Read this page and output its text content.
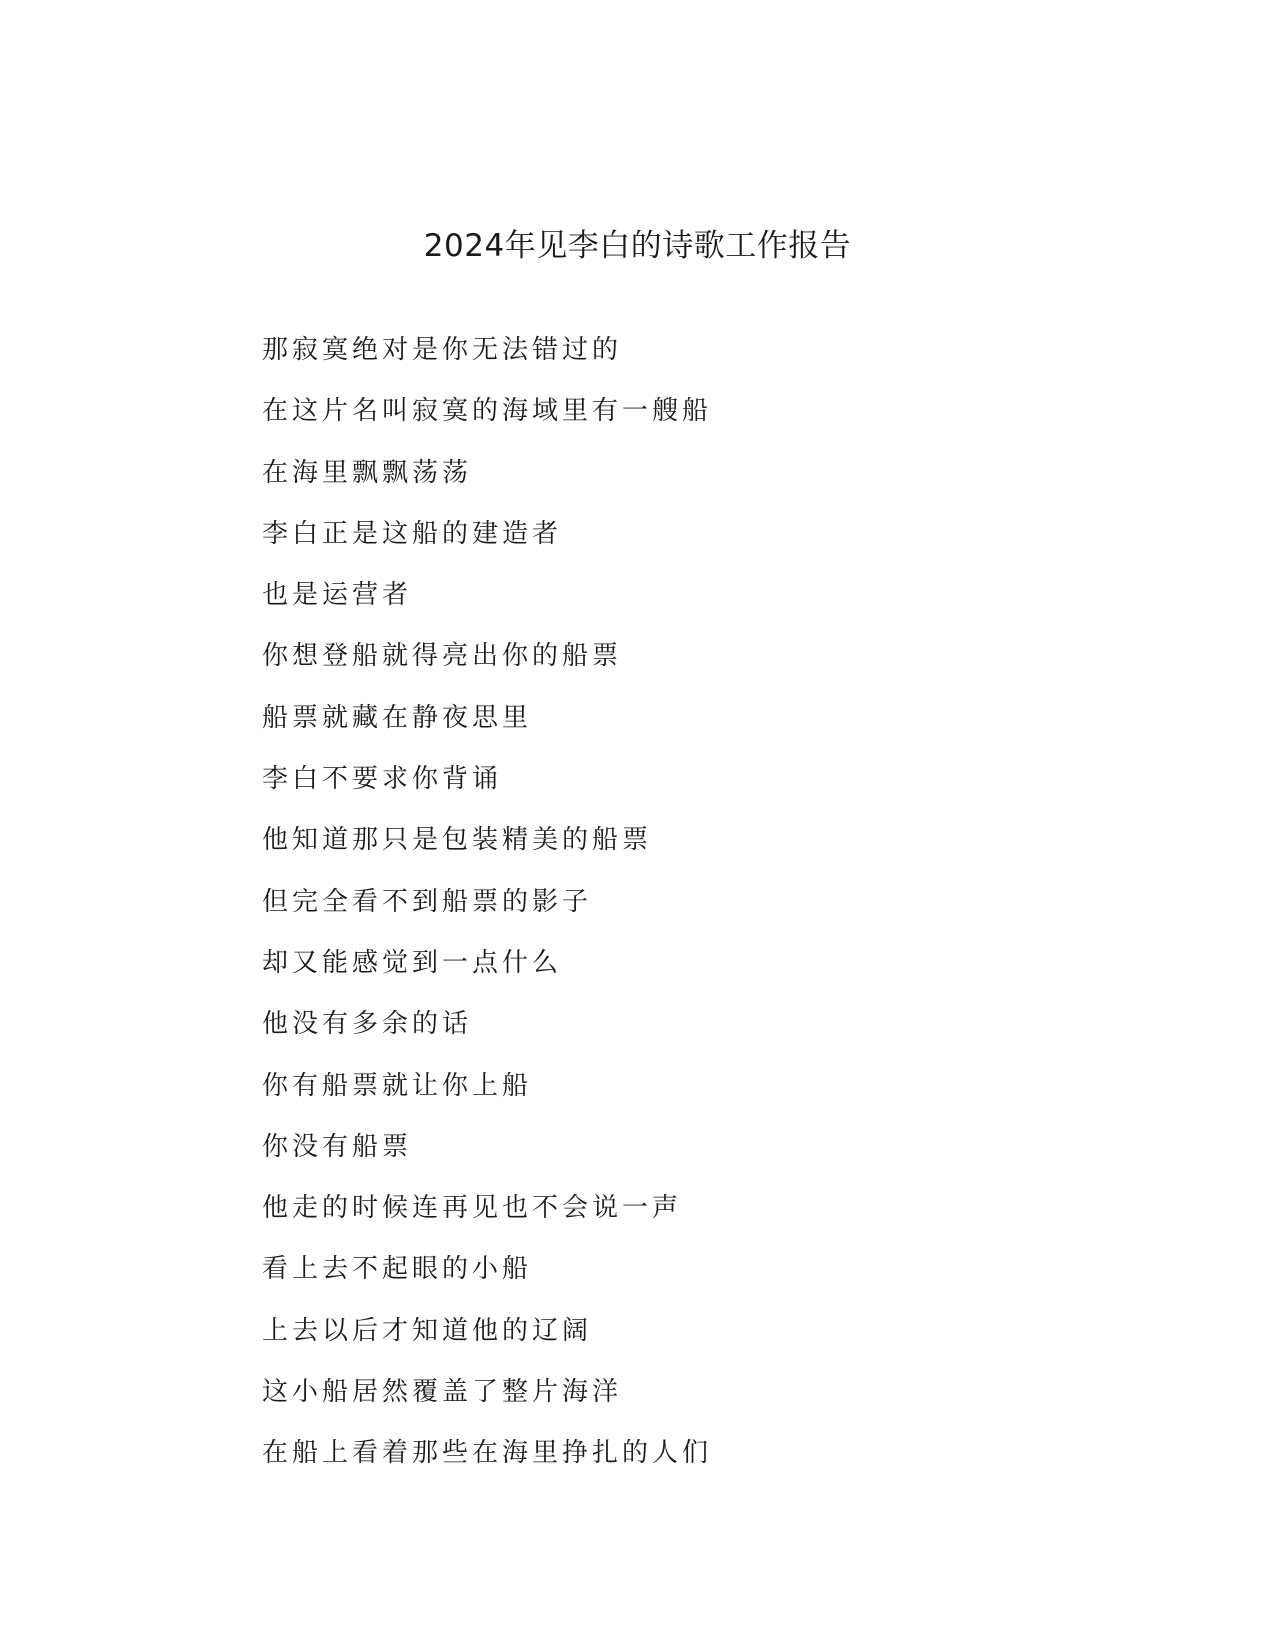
2024年见李白的诗歌工作报告
那寂寞绝对是你无法错过的
在这片名叫寂寞的海域里有一艘船
在海里飘飘荡荡
李白正是这船的建造者
也是运营者
你想登船就得亮出你的船票
船票就藏在静夜思里
李白不要求你背诵
他知道那只是包装精美的船票
但完全看不到船票的影子
却又能感觉到一点什么
他没有多余的话
你有船票就让你上船
你没有船票
他走的时候连再见也不会说一声
看上去不起眼的小船
上去以后才知道他的辽阔
这小船居然覆盖了整片海洋
在船上看着那些在海里挣扎的人们
